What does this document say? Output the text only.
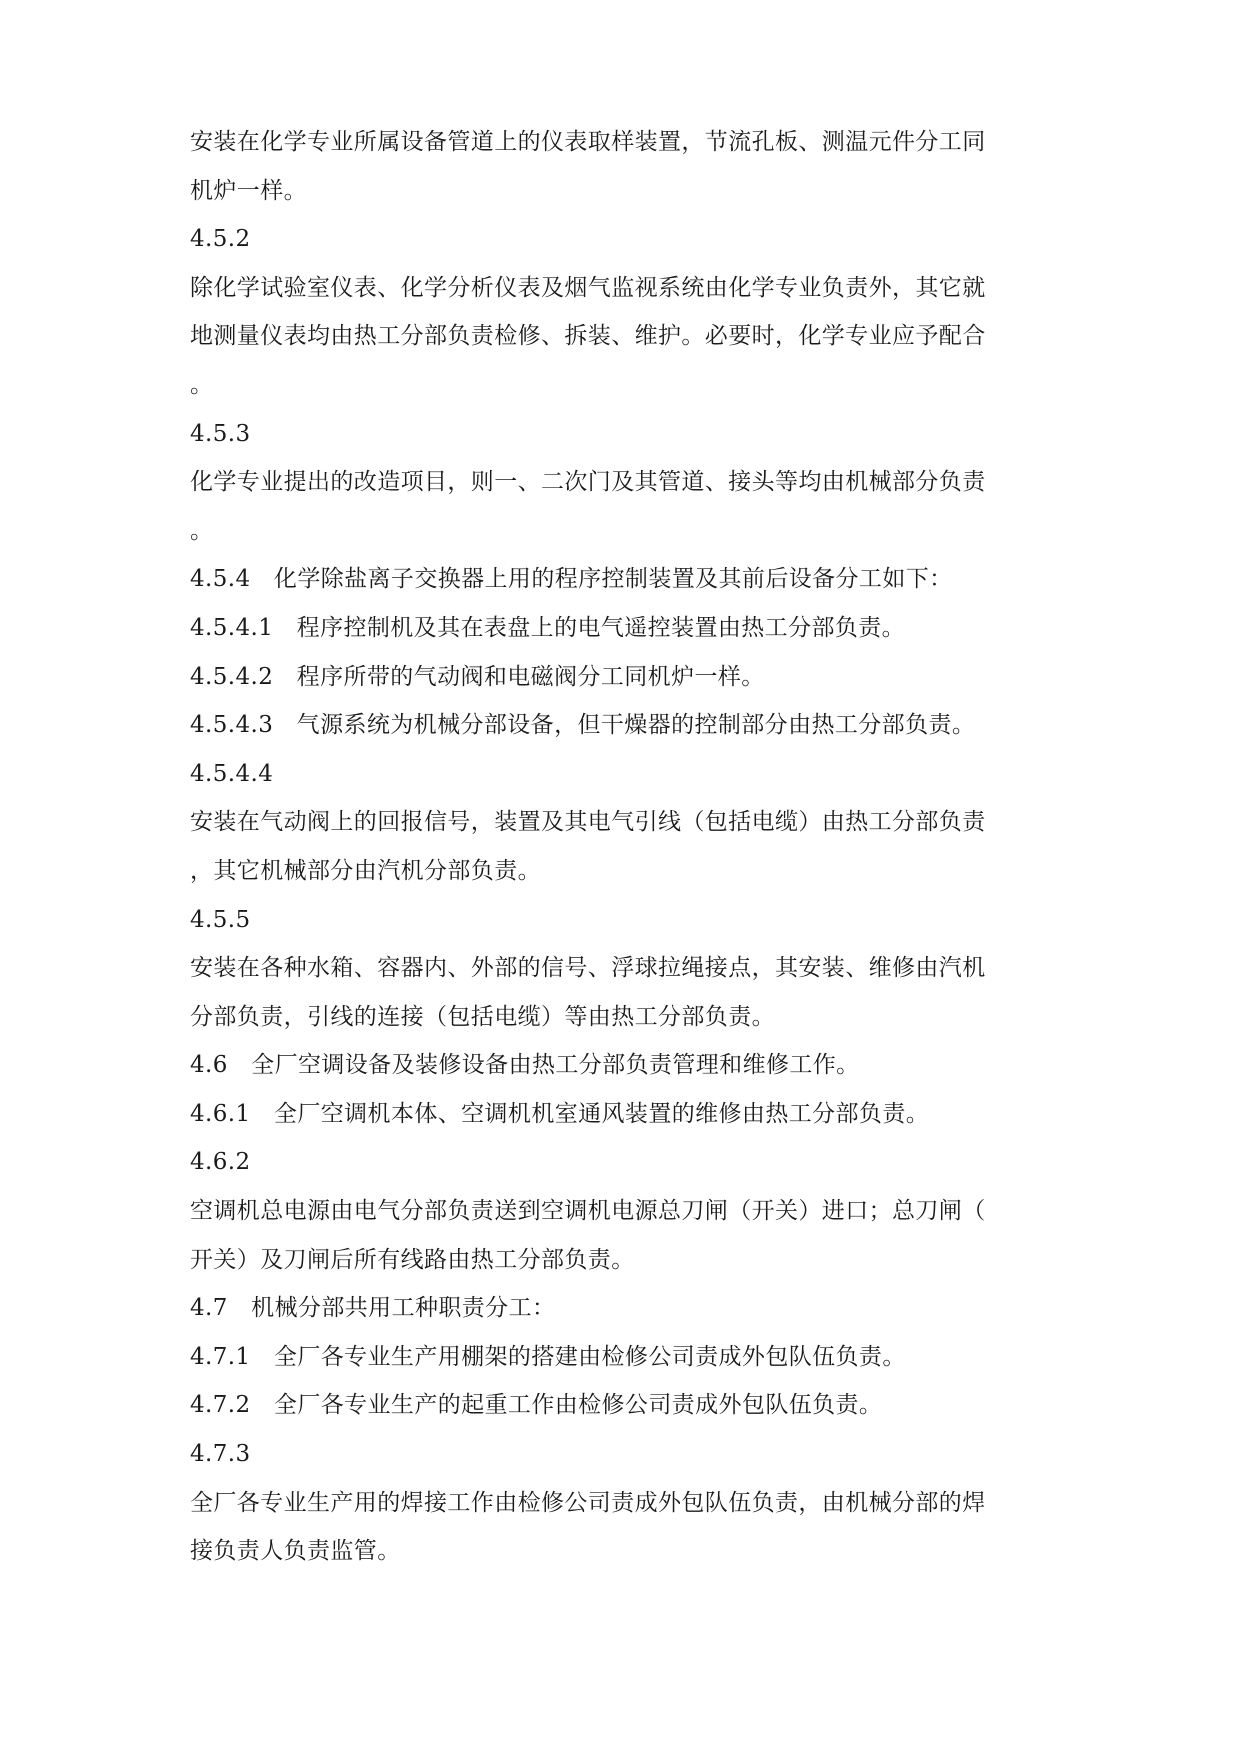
安装在化学专业所属设备管道上的仪表取样装置，节流孔板、测温元件分工同
机炉一样。
4.5.2
除化学试验室仪表、化学分析仪表及烟气监视系统由化学专业负责外，其它就
地测量仪表均由热工分部负责检修、拆装、维护。必要时，化学专业应予配合
。
4.5.3
化学专业提出的改造项目，则一、二次门及其管道、接头等均由机械部分负责
。
4.5.4　化学除盐离子交换器上用的程序控制装置及其前后设备分工如下：
4.5.4.1　程序控制机及其在表盘上的电气遥控装置由热工分部负责。
4.5.4.2　程序所带的气动阀和电磁阀分工同机炉一样。
4.5.4.3　气源系统为机械分部设备，但干燥器的控制部分由热工分部负责。
4.5.4.4
安装在气动阀上的回报信号，装置及其电气引线（包括电缆）由热工分部负责
，其它机械部分由汽机分部负责。
4.5.5
安装在各种水箱、容器内、外部的信号、浮球拉绳接点，其安装、维修由汽机
分部负责，引线的连接（包括电缆）等由热工分部负责。
4.6　全厂空调设备及装修设备由热工分部负责管理和维修工作。
4.6.1　全厂空调机本体、空调机机室通风装置的维修由热工分部负责。
4.6.2
空调机总电源由电气分部负责送到空调机电源总刀闸（开关）进口；总刀闸（
开关）及刀闸后所有线路由热工分部负责。
4.7　机械分部共用工种职责分工：
4.7.1　全厂各专业生产用棚架的搭建由检修公司责成外包队伍负责。
4.7.2　全厂各专业生产的起重工作由检修公司责成外包队伍负责。
4.7.3
全厂各专业生产用的焊接工作由检修公司责成外包队伍负责，由机械分部的焊
接负责人负责监管。
